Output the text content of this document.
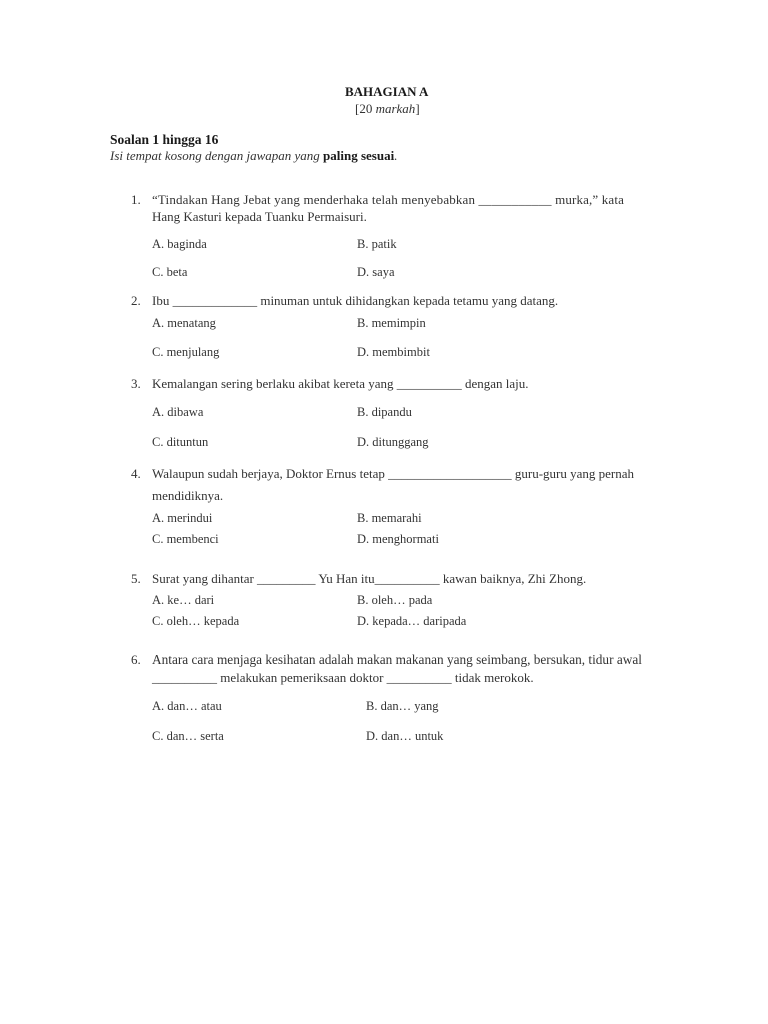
BAHAGIAN A
[20 markah]
Soalan 1 hingga 16
Isi tempat kosong dengan jawapan yang paling sesuai.
1. “Tindakan Hang Jebat yang menderhaka telah menyebabkan ___________ murka,” kata
Hang Kasturi kepada Tuanku Permaisuri.
A. baginda	B. patik
C. beta	D. saya
2. Ibu _____________ minuman untuk dihidangkan kepada tetamu yang datang.
A. menatang	B. memimpin
C. menjulang	D. membimbit
3. Kemalangan sering berlaku akibat kereta yang __________ dengan laju.
A. dibawa	B. dipandu
C. dituntun	D. ditunggang
4. Walaupun sudah berjaya, Doktor Ernus tetap ___________________ guru-guru yang pernah
mendidiknya.
A. merindui	B. memarahi
C. membenci	D. menghormati
5. Surat yang dihantar _________ Yu Han itu__________ kawan baiknya, Zhi Zhong.
A. ke… dari	B. oleh… pada
C. oleh… kepada	D. kepada… daripada
6. Antara cara menjaga kesihatan adalah makan makanan yang seimbang, bersukan, tidur awal
__________ melakukan pemeriksaan doktor __________ tidak merokok.
A. dan… atau	B. dan… yang
C. dan… serta	D. dan… untuk
